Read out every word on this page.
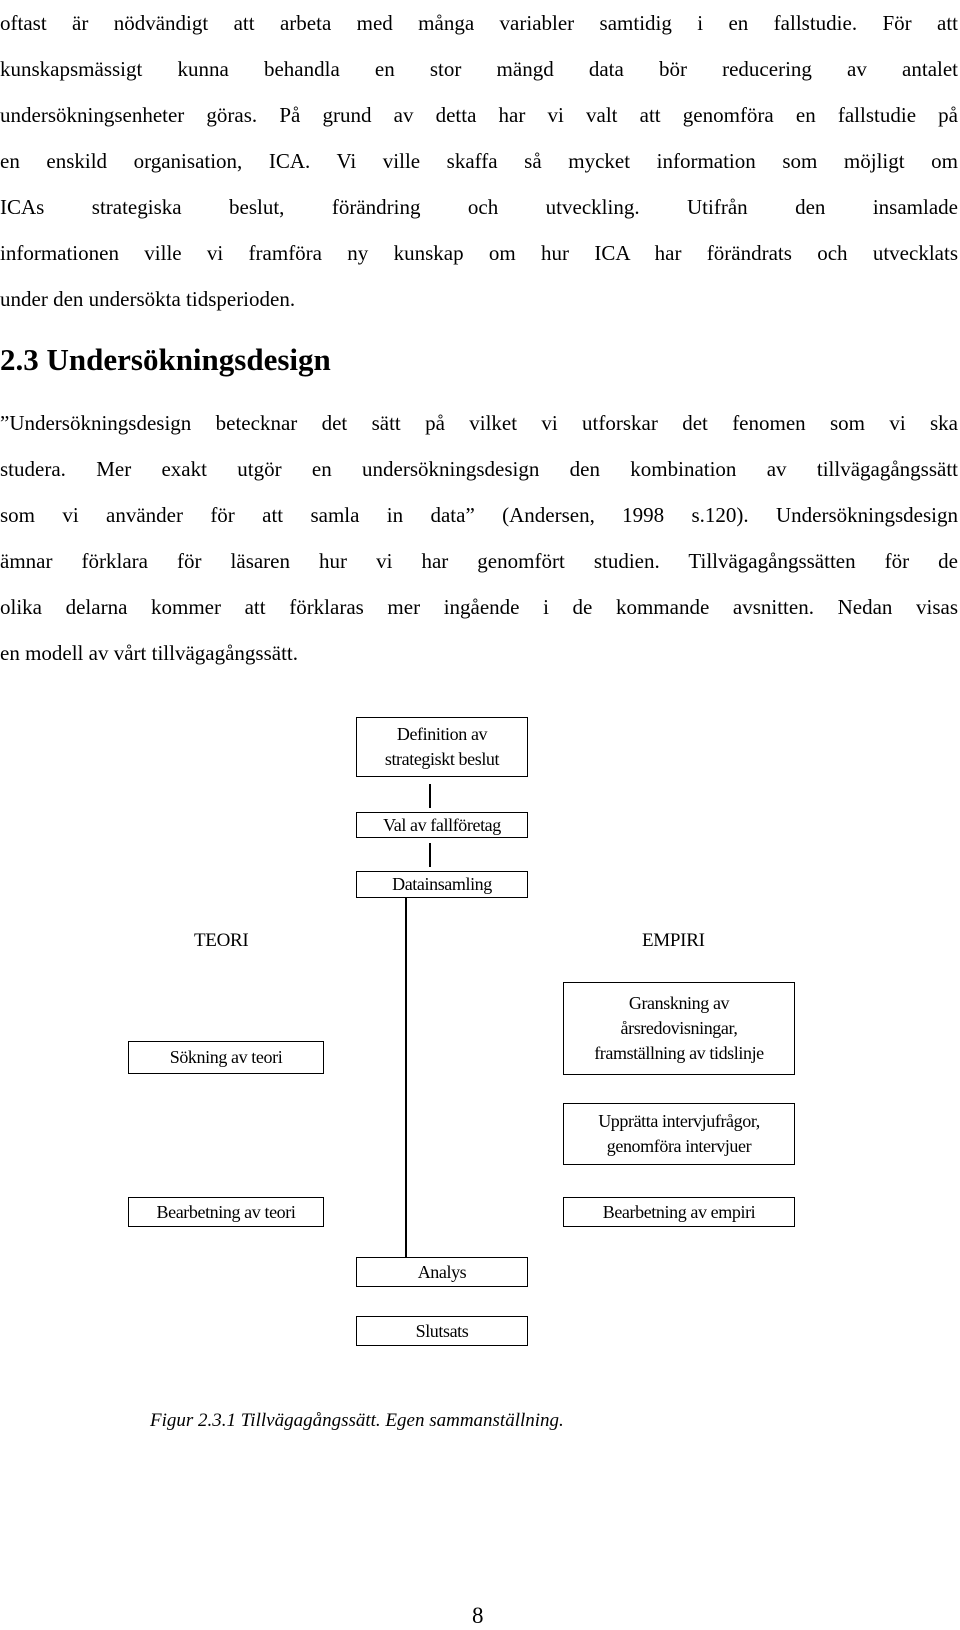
oftast är nödvändigt att arbeta med många variabler samtidig i en fallstudie. För att
kunskapsmässigt kunna behandla en stor mängd data bör reducering av antalet
undersökningsenheter göras. På grund av detta har vi valt att genomföra en fallstudie på
en enskild organisation, ICA. Vi ville skaffa så mycket information som möjligt om
ICAs strategiska beslut, förändring och utveckling. Utifrån den insamlade
informationen ville vi framföra ny kunskap om hur ICA har förändrats och utvecklats
under den undersökta tidsperioden.

2.3 Undersökningsdesign

”Undersökningsdesign betecknar det sätt på vilket vi utforskar det fenomen som vi ska
studera. Mer exakt utgör en undersökningsdesign den kombination av tillvägagångssätt
som vi använder för att samla in data” (Andersen, 1998 s.120). Undersökningsdesign
ämnar förklara för läsaren hur vi har genomfört studien. Tillvägagångssätten för de
olika delarna kommer att förklaras mer ingående i de kommande avsnitten. Nedan visas
en modell av vårt tillvägagångssätt.

Definition av
strategiskt beslut
Val av fallföretag
Datainsamling
TEORI	EMPIRI
Sökning av teori
Granskning av
årsredovisningar,
framställning av tidslinje
Upprätta intervjufrågor,
genomföra intervjuer
Bearbetning av teori	Bearbetning av empiri
Analys
Slutsats

Figur 2.3.1 Tillvägagångssätt. Egen sammanställning.

8
